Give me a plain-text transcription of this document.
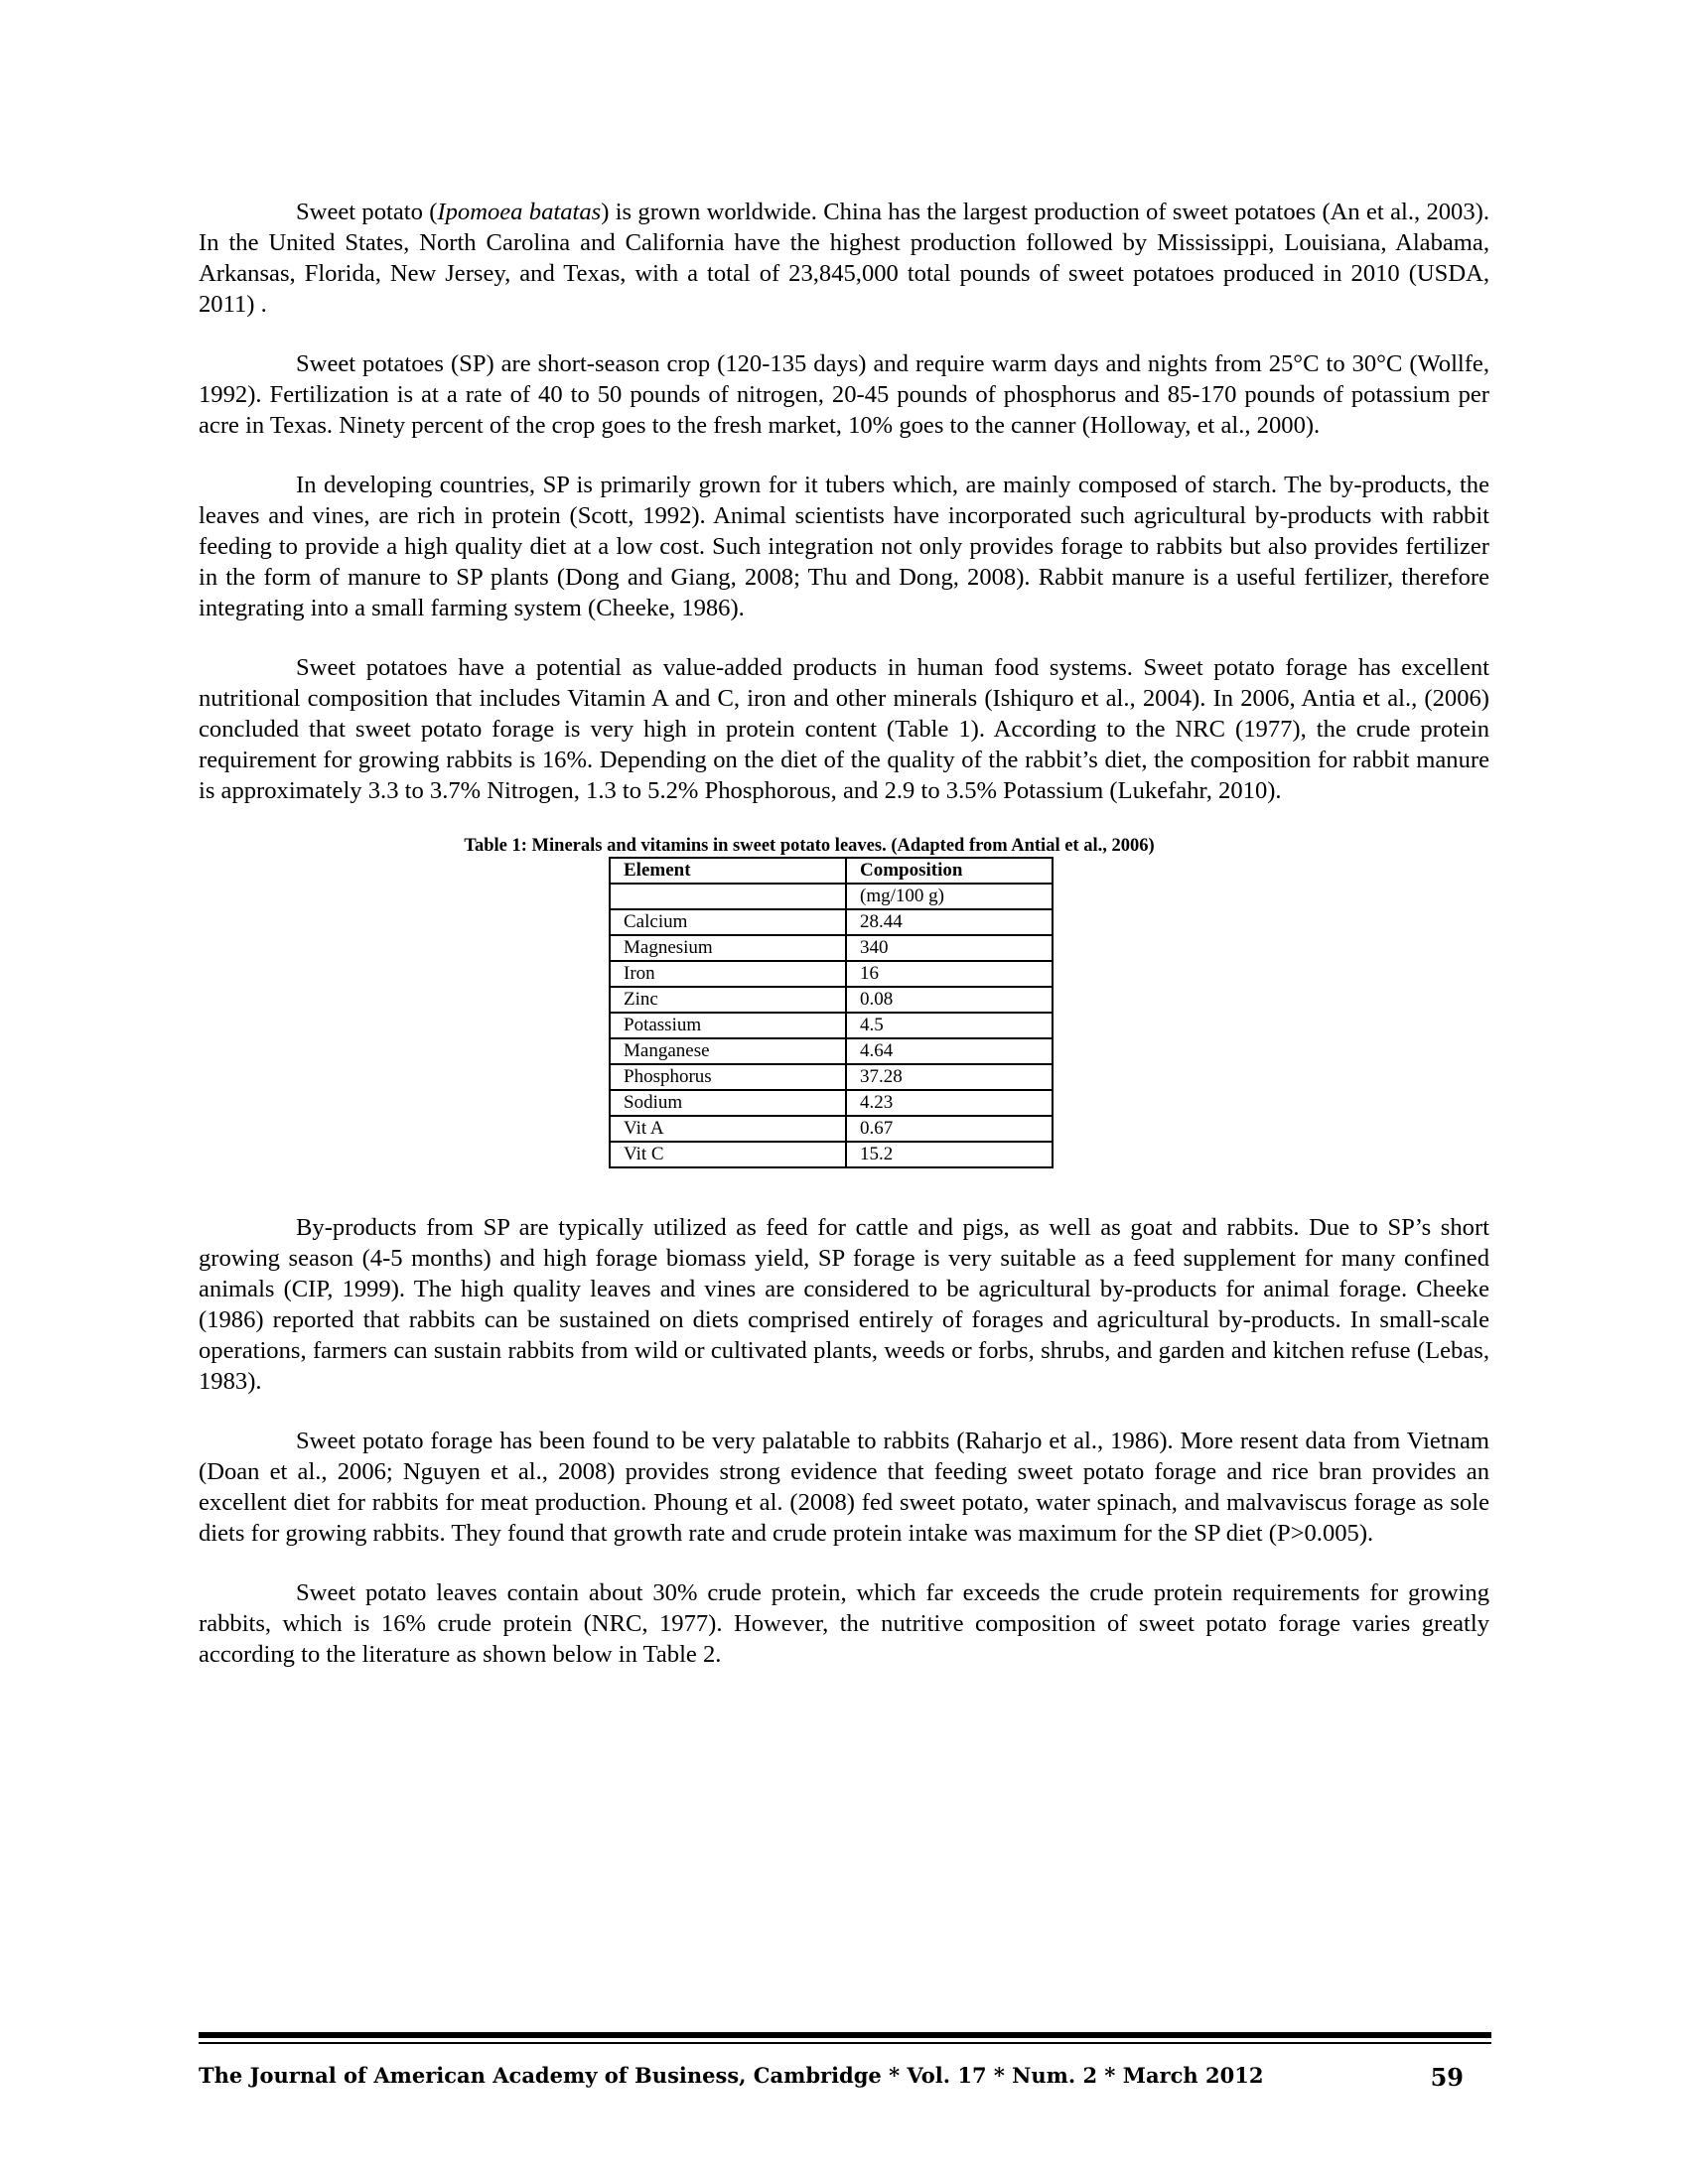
Sweet potato (Ipomoea batatas) is grown worldwide. China has the largest production of sweet potatoes (An et al., 2003). In the United States, North Carolina and California have the highest production followed by Mississippi, Louisiana, Alabama, Arkansas, Florida, New Jersey, and Texas, with a total of 23,845,000 total pounds of sweet potatoes produced in 2010 (USDA, 2011) .

Sweet potatoes (SP) are short-season crop (120-135 days) and require warm days and nights from 25°C to 30°C (Wollfe, 1992). Fertilization is at a rate of 40 to 50 pounds of nitrogen, 20-45 pounds of phosphorus and 85-170 pounds of potassium per acre in Texas. Ninety percent of the crop goes to the fresh market, 10% goes to the canner (Holloway, et al., 2000).

In developing countries, SP is primarily grown for it tubers which, are mainly composed of starch. The by-products, the leaves and vines, are rich in protein (Scott, 1992). Animal scientists have incorporated such agricultural by-products with rabbit feeding to provide a high quality diet at a low cost. Such integration not only provides forage to rabbits but also provides fertilizer in the form of manure to SP plants (Dong and Giang, 2008; Thu and Dong, 2008). Rabbit manure is a useful fertilizer, therefore integrating into a small farming system (Cheeke, 1986).

Sweet potatoes have a potential as value-added products in human food systems. Sweet potato forage has excellent nutritional composition that includes Vitamin A and C, iron and other minerals (Ishiquro et al., 2004). In 2006, Antia et al., (2006) concluded that sweet potato forage is very high in protein content (Table 1). According to the NRC (1977), the crude protein requirement for growing rabbits is 16%. Depending on the diet of the quality of the rabbit’s diet, the composition for rabbit manure is approximately 3.3 to 3.7% Nitrogen, 1.3 to 5.2% Phosphorous, and 2.9 to 3.5% Potassium (Lukefahr, 2010).

Table 1: Minerals and vitamins in sweet potato leaves. (Adapted from Antial et al., 2006)
Element	Composition
	(mg/100 g)
Calcium	28.44
Magnesium	340
Iron	16
Zinc	0.08
Potassium	4.5
Manganese	4.64
Phosphorus	37.28
Sodium	4.23
Vit A	0.67
Vit C	15.2

By-products from SP are typically utilized as feed for cattle and pigs, as well as goat and rabbits. Due to SP’s short growing season (4-5 months) and high forage biomass yield, SP forage is very suitable as a feed supplement for many confined animals (CIP, 1999). The high quality leaves and vines are considered to be agricultural by-products for animal forage. Cheeke (1986) reported that rabbits can be sustained on diets comprised entirely of forages and agricultural by-products. In small-scale operations, farmers can sustain rabbits from wild or cultivated plants, weeds or forbs, shrubs, and garden and kitchen refuse (Lebas, 1983).

Sweet potato forage has been found to be very palatable to rabbits (Raharjo et al., 1986). More resent data from Vietnam (Doan et al., 2006; Nguyen et al., 2008) provides strong evidence that feeding sweet potato forage and rice bran provides an excellent diet for rabbits for meat production. Phoung et al. (2008) fed sweet potato, water spinach, and malvaviscus forage as sole diets for growing rabbits. They found that growth rate and crude protein intake was maximum for the SP diet (P>0.005).

Sweet potato leaves contain about 30% crude protein, which far exceeds the crude protein requirements for growing rabbits, which is 16% crude protein (NRC, 1977). However, the nutritive composition of sweet potato forage varies greatly according to the literature as shown below in Table 2.

The Journal of American Academy of Business, Cambridge * Vol. 17 * Num. 2 * March 2012	59
